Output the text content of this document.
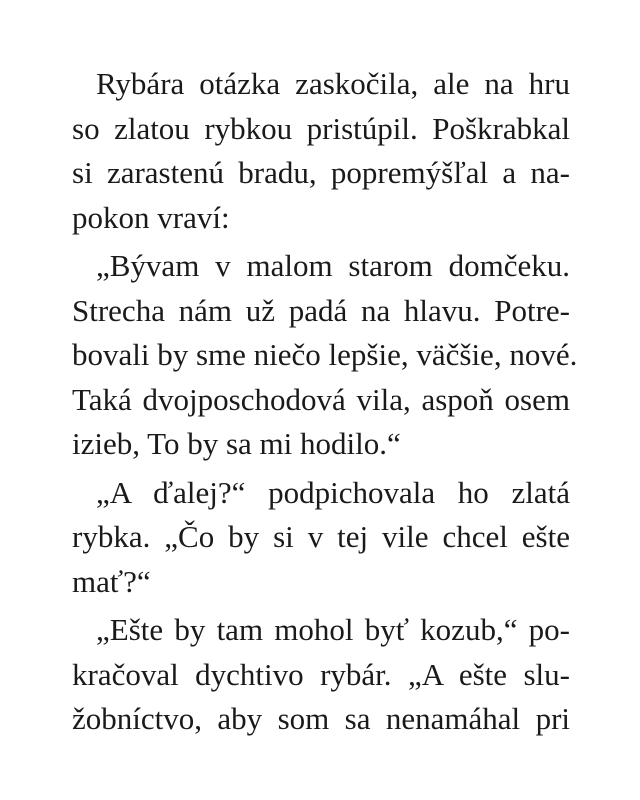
Rybára otázka zaskočila, ale na hru
so zlatou rybkou pristúpil. Poškrabkal
si zarastenú bradu, popremýšľal a na-
pokon vraví:
„Bývam v malom starom domčeku.
Strecha nám už padá na hlavu. Potre-
bovali by sme niečo lepšie, väčšie, nové.
Taká dvojposchodová vila, aspoň osem
izieb, To by sa mi hodilo.“
„A ďalej?“ podpichovala ho zlatá
rybka. „Čo by si v tej vile chcel ešte
mať?“
„Ešte by tam mohol byť kozub,“ po-
kračoval dychtivo rybár. „A ešte slu-
žobníctvo, aby som sa nenamáhal pri
